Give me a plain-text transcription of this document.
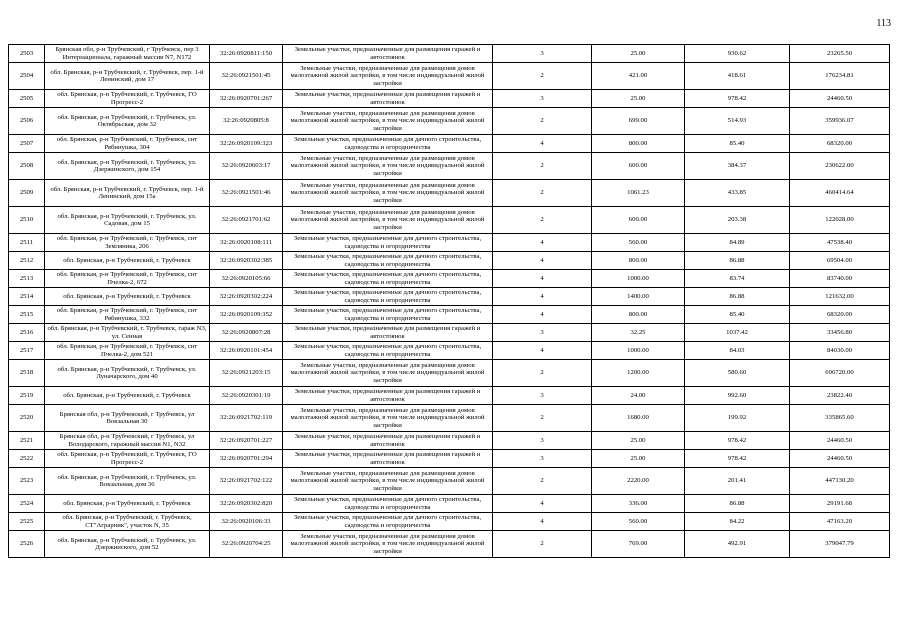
113
2503	Брянская обл, р-н Трубчевский, г Трубчевск, пер 3 Интернационала, гаражный массив N7, N172	32:26:0920811:150	Земельные участки, предназначенные для размещения гаражей и автостоянок	3	25.00	930.62	23265.50
2504	обл. Брянская, р-н Трубчевский, г. Трубчевск, пер. 1-й Ленинский, дом 17	32:26:0921501:45	Земельные участки, предназначенные для размещения домов малоэтажной жилой застройки, в том числе индивидуальной жилой застройки	2	421.00	418.61	176234.81
2505	обл. Брянская, р-н Трубчевский, г. Трубчевск, ГО Прогресс-2	32:26:0920701:267	Земельные участки, предназначенные для размещения гаражей и автостоянок	3	25.00	978.42	24460.50
2506	обл. Брянская, р-н Трубчевский, г. Трубчевск, ул. Октябрьская, дом 32	32:26:0920805:8	Земельные участки, предназначенные для размещения домов малоэтажной жилой застройки, в том числе индивидуальной жилой застройки	2	699.00	514.93	359936.07
2507	обл. Брянская, р-н Трубчевский, г. Трубчевск, снт Рябинушка, 304	32:26:0920109:323	Земельные участки, предназначенные для дачного строительства, садоводства и огородничества	4	800.00	85.40	68320.00
2508	обл. Брянская, р-н Трубчевский, г. Трубчевск, ул. Дзержинского, дом 154	32:26:0920603:17	Земельные участки, предназначенные для размещения домов малоэтажной жилой застройки, в том числе индивидуальной жилой застройки	2	600.00	384.37	230622.00
2509	обл. Брянская, р-н Трубчевский, г. Трубчевск, пер. 1-й Ленинский, дом 15а	32:26:0921501:46	Земельные участки, предназначенные для размещения домов малоэтажной жилой застройки, в том числе индивидуальной жилой застройки	2	1061.23	433.85	460414.64
2510	обл. Брянская, р-н Трубчевский, г. Трубчевск, ул. Садовая, дом 15	32:26:0921701:62	Земельные участки, предназначенные для размещения домов малоэтажной жилой застройки, в том числе индивидуальной жилой застройки	2	600.00	203.38	122028.00
2511	обл. Брянская, р-н Трубчевский, г. Трубчевск, снт Земляника, 206	32:26:0920108:111	Земельные участки, предназначенные для дачного строительства, садоводства и огородничества	4	560.00	84.89	47538.40
2512	обл. Брянская, р-н Трубчевский, г. Трубчевск	32:26:0920302:385	Земельные участки, предназначенные для дачного строительства, садоводства и огородничества	4	800.00	86.88	69504.00
2513	обл. Брянская, р-н Трубчевский, г. Трубчевск, снт Пчелка-2, 672	32:26:0920105:66	Земельные участки, предназначенные для дачного строительства, садоводства и огородничества	4	1000.00	83.74	83740.00
2514	обл. Брянская, р-н Трубчевский, г. Трубчевск	32:26:0920302:224	Земельные участки, предназначенные для дачного строительства, садоводства и огородничества	4	1400.00	86.88	121632.00
2515	обл. Брянская, р-н Трубчевский, г. Трубчевск, снт Рябинушка, 332	32:26:0920109:352	Земельные участки, предназначенные для дачного строительства, садоводства и огородничества	4	800.00	85.40	68320.00
2516	обл. Брянская, р-н Трубчевский, г. Трубчевск, гараж N3, ул. Сенная	32:26:0920807:28	Земельные участки, предназначенные для размещения гаражей и автостоянок	3	32.25	1037.42	33456.80
2517	обл. Брянская, р-н Трубчевский, г. Трубчевск, снт Пчелка-2, дом 521	32:26:0920101:454	Земельные участки, предназначенные для дачного строительства, садоводства и огородничества	4	1000.00	84.03	84030.00
2518	обл. Брянская, р-н Трубчевский, г. Трубчевск, ул. Луначарского, дом 40	32:26:0921203:15	Земельные участки, предназначенные для размещения домов малоэтажной жилой застройки, в том числе индивидуальной жилой застройки	2	1200.00	580.60	696720.00
2519	обл. Брянская, р-н Трубчевский, г. Трубчевск	32:26:0920301:19	Земельные участки, предназначенные для размещения гаражей и автостоянок	3	24.00	992.60	23822.40
2520	Брянская обл, р-н Трубчевский, г Трубчевск, ул Вокзальная 30	32:26:0921702:119	Земельные участки, предназначенные для размещения домов малоэтажной жилой застройки, в том числе индивидуальной жилой застройки	2	1680.00	199.92	335865.60
2521	Брянская обл, р-н Трубчевский, г Трубчевск, ул Володарского, гаражный массив N1, N32	32:26:0920701:227	Земельные участки, предназначенные для размещения гаражей и автостоянок	3	25.00	978.42	24460.50
2522	обл. Брянская, р-н Трубчевский, г. Трубчевск, ГО Прогресс-2	32:26:0920701:294	Земельные участки, предназначенные для размещения гаражей и автостоянок	3	25.00	978.42	24460.50
2523	обл. Брянская, р-н Трубчевский, г. Трубчевск, ул. Вокзальная, дом 36	32:26:0921702:122	Земельные участки, предназначенные для размещения домов малоэтажной жилой застройки, в том числе индивидуальной жилой застройки	2	2220.00	201.41	447130.20
2524	обл. Брянская, р-н Трубчевский, г. Трубчевск	32:26:0920302:820	Земельные участки, предназначенные для дачного строительства, садоводства и огородничества	4	336.00	86.88	29191.68
2525	обл. Брянская, р-н Трубчевский, г. Трубчевск, СТ"Аграрник", участок N, 35	32:26:0920106:33	Земельные участки, предназначенные для дачного строительства, садоводства и огородничества	4	560.00	84.22	47163.20
2526	обл. Брянская, р-н Трубчевский, г. Трубчевск, ул. Дзержинского, дом 52	32:26:0920704:25	Земельные участки, предназначенные для размещения домов малоэтажной жилой застройки, в том числе индивидуальной жилой застройки	2	769.00	492.91	379047.79
